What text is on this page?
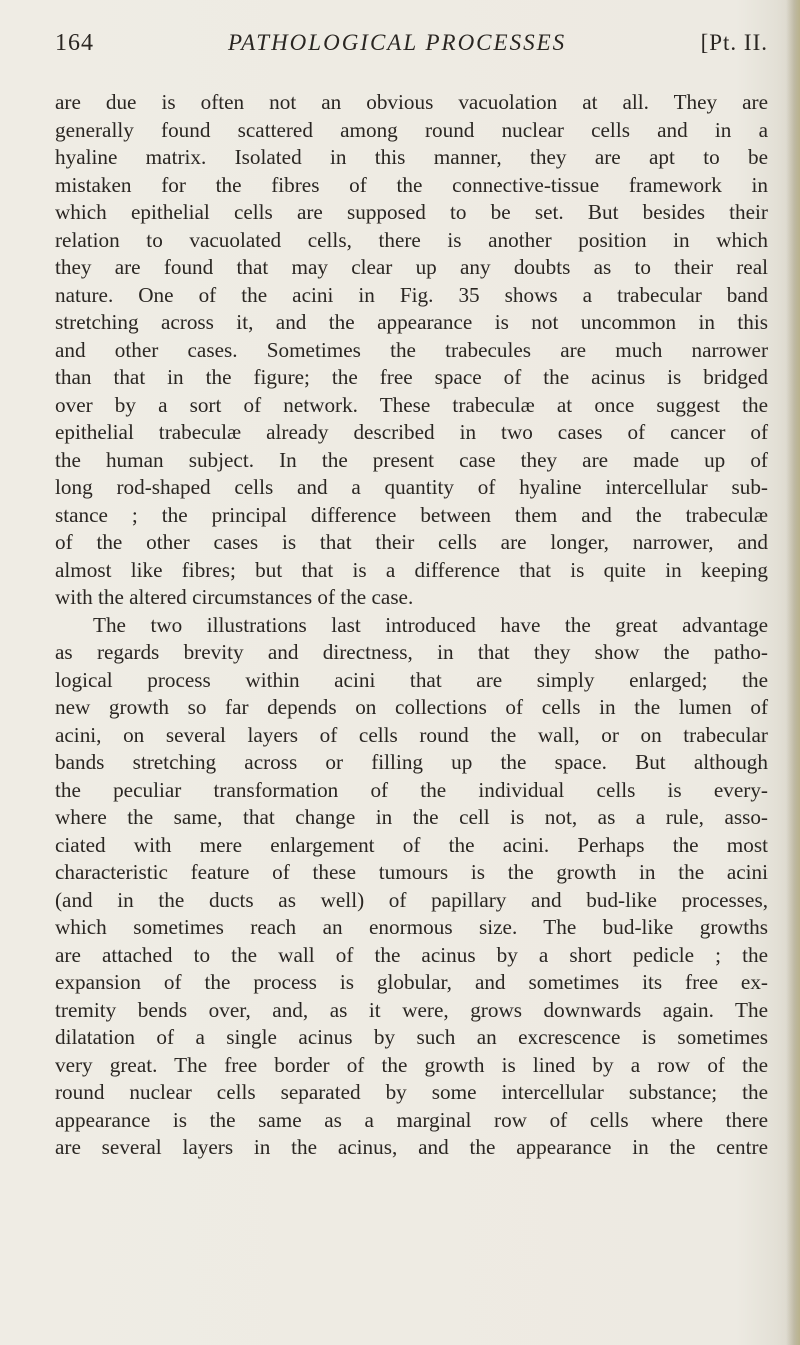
164	PATHOLOGICAL PROCESSES	[Pt. II.
are due is often not an obvious vacuolation at all. They are
generally found scattered among round nuclear cells and in a
hyaline matrix. Isolated in this manner, they are apt to be
mistaken for the fibres of the connective-tissue framework in
which epithelial cells are supposed to be set. But besides their
relation to vacuolated cells, there is another position in which
they are found that may clear up any doubts as to their real
nature. One of the acini in Fig. 35 shows a trabecular band
stretching across it, and the appearance is not uncommon in this
and other cases. Sometimes the trabecules are much narrower
than that in the figure; the free space of the acinus is bridged
over by a sort of network. These trabeculæ at once suggest the
epithelial trabeculæ already described in two cases of cancer of
the human subject. In the present case they are made up of
long rod-shaped cells and a quantity of hyaline intercellular sub-
stance ; the principal difference between them and the trabeculæ
of the other cases is that their cells are longer, narrower, and
almost like fibres; but that is a difference that is quite in keeping
with the altered circumstances of the case.
The two illustrations last introduced have the great advantage
as regards brevity and directness, in that they show the patho-
logical process within acini that are simply enlarged; the
new growth so far depends on collections of cells in the lumen of
acini, on several layers of cells round the wall, or on trabecular
bands stretching across or filling up the space. But although
the peculiar transformation of the individual cells is every-
where the same, that change in the cell is not, as a rule, asso-
ciated with mere enlargement of the acini. Perhaps the most
characteristic feature of these tumours is the growth in the acini
(and in the ducts as well) of papillary and bud-like processes,
which sometimes reach an enormous size. The bud-like growths
are attached to the wall of the acinus by a short pedicle ; the
expansion of the process is globular, and sometimes its free ex-
tremity bends over, and, as it were, grows downwards again. The
dilatation of a single acinus by such an excrescence is sometimes
very great. The free border of the growth is lined by a row of the
round nuclear cells separated by some intercellular substance; the
appearance is the same as a marginal row of cells where there
are several layers in the acinus, and the appearance in the centre
